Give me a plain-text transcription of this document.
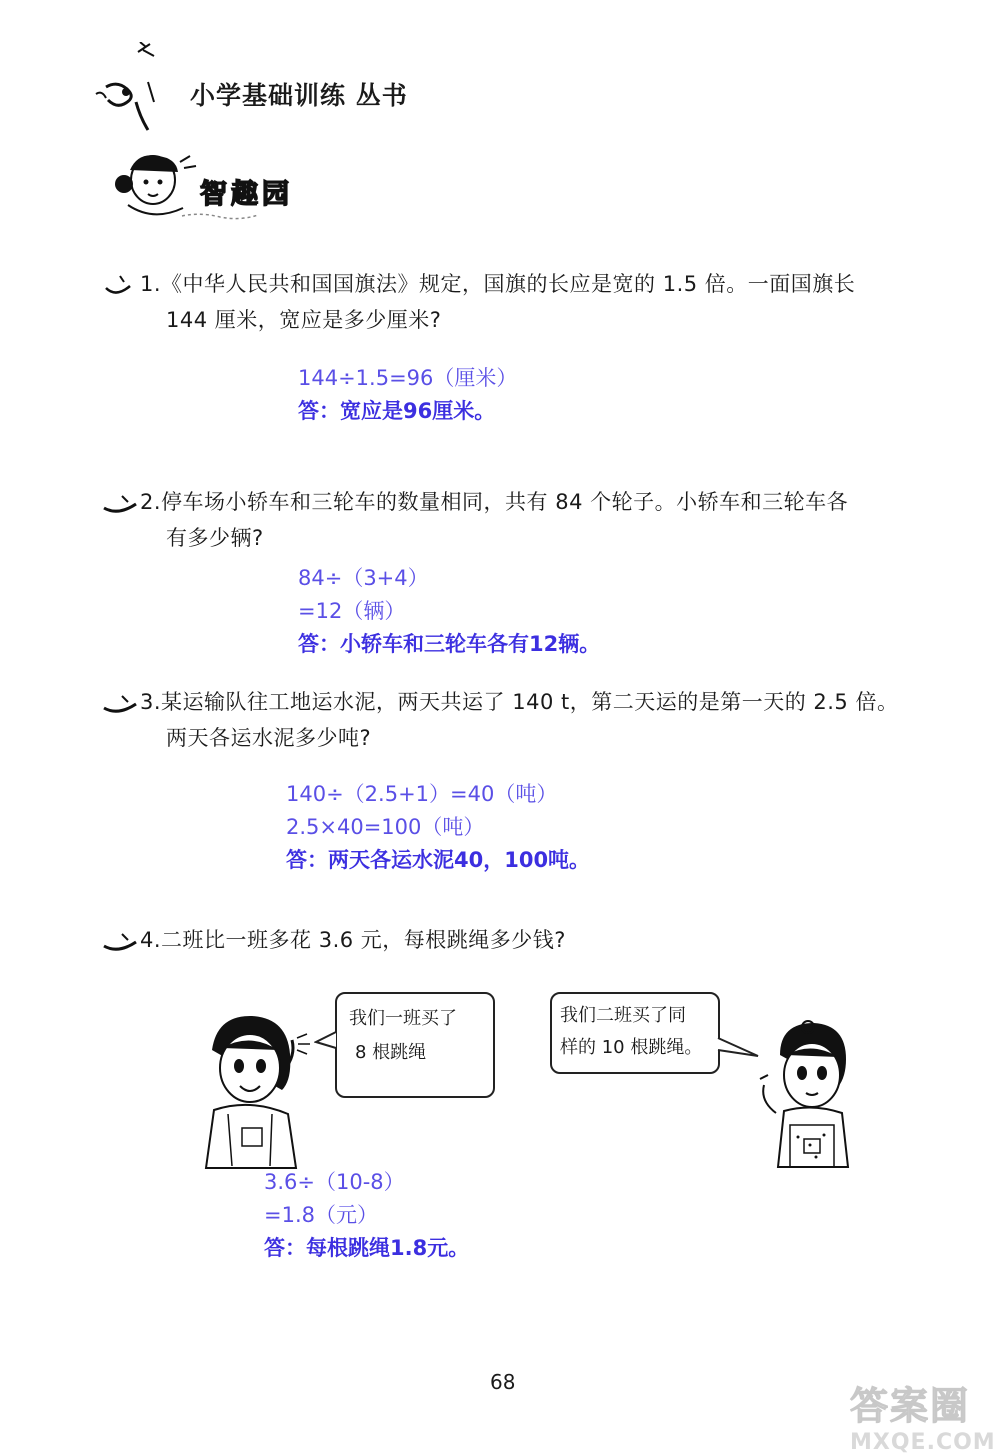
小学基础训练 丛书
智趣园
1.《中华人民共和国国旗法》规定，国旗的长应是宽的 1.5 倍。一面国旗长
144 厘米，宽应是多少厘米?
144÷1.5=96（厘米）
答：宽应是96厘米。
2.停车场小轿车和三轮车的数量相同，共有 84 个轮子。小轿车和三轮车各
有多少辆?
84÷（3+4）
=12（辆）
答：小轿车和三轮车各有12辆。
3.某运输队往工地运水泥，两天共运了 140 t，第二天运的是第一天的 2.5 倍。
两天各运水泥多少吨?
140÷（2.5+1）=40（吨）
2.5×40=100（吨）
答：两天各运水泥40，100吨。
4.二班比一班多花 3.6 元，每根跳绳多少钱?
我们一班买了
8 根跳绳
我们二班买了同
样的 10 根跳绳。
3.6÷（10-8）
=1.8（元）
答：每根跳绳1.8元。
68
答案圈
MXQE.COM
